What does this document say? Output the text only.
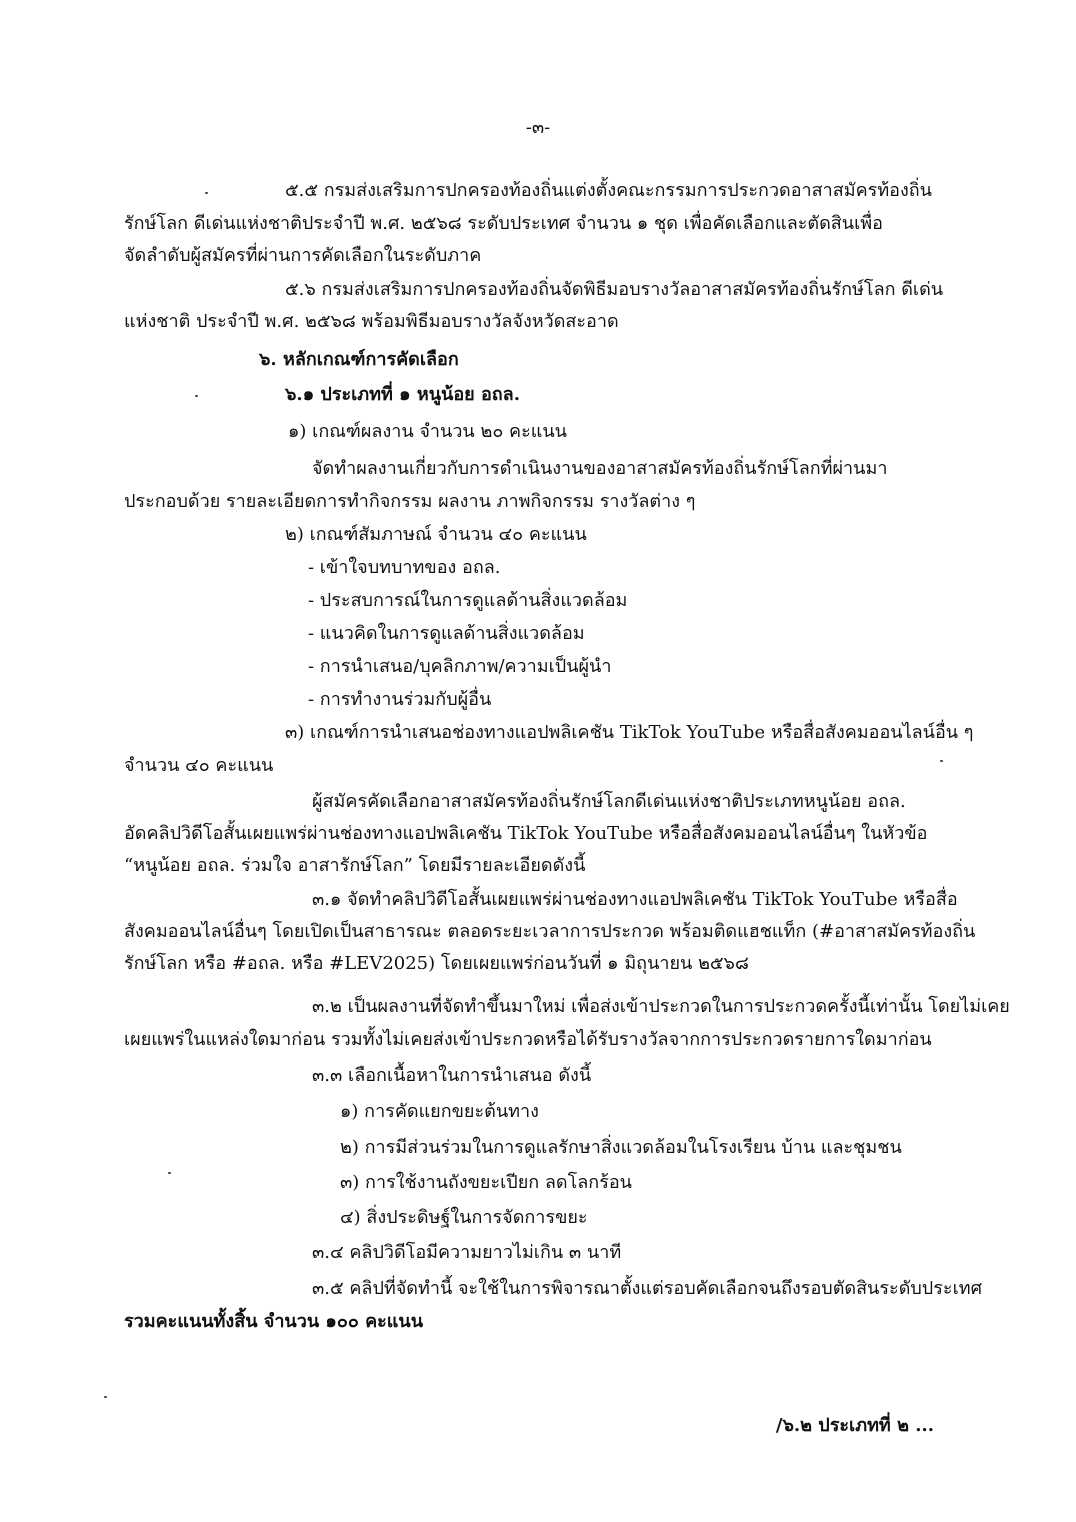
-๓-
๕.๕ กรมส่งเสริมการปกครองท้องถิ่นแต่งตั้งคณะกรรมการประกวดอาสาสมัครท้องถิ่น
รักษ์โลก ดีเด่นแห่งชาติประจำปี พ.ศ. ๒๕๖๘ ระดับประเทศ จำนวน ๑ ชุด เพื่อคัดเลือกและตัดสินเพื่อ
จัดลำดับผู้สมัครที่ผ่านการคัดเลือกในระดับภาค
๕.๖ กรมส่งเสริมการปกครองท้องถิ่นจัดพิธีมอบรางวัลอาสาสมัครท้องถิ่นรักษ์โลก ดีเด่น
แห่งชาติ ประจำปี พ.ศ. ๒๕๖๘ พร้อมพิธีมอบรางวัลจังหวัดสะอาด
๖. หลักเกณฑ์การคัดเลือก
๖.๑ ประเภทที่ ๑ หนูน้อย อถล.
๑) เกณฑ์ผลงาน จำนวน ๒๐ คะแนน
จัดทำผลงานเกี่ยวกับการดำเนินงานของอาสาสมัครท้องถิ่นรักษ์โลกที่ผ่านมา
ประกอบด้วย รายละเอียดการทำกิจกรรม ผลงาน ภาพกิจกรรม รางวัลต่าง ๆ
๒) เกณฑ์สัมภาษณ์ จำนวน ๔๐ คะแนน
- เข้าใจบทบาทของ อถล.
- ประสบการณ์ในการดูแลด้านสิ่งแวดล้อม
- แนวคิดในการดูแลด้านสิ่งแวดล้อม
- การนำเสนอ/บุคลิกภาพ/ความเป็นผู้นำ
- การทำงานร่วมกับผู้อื่น
๓) เกณฑ์การนำเสนอช่องทางแอปพลิเคชัน TikTok YouTube หรือสื่อสังคมออนไลน์อื่น ๆ
จำนวน ๔๐ คะแนน
ผู้สมัครคัดเลือกอาสาสมัครท้องถิ่นรักษ์โลกดีเด่นแห่งชาติประเภทหนูน้อย อถล.
อัดคลิปวิดีโอสั้นเผยแพร่ผ่านช่องทางแอปพลิเคชัน TikTok YouTube หรือสื่อสังคมออนไลน์อื่นๆ ในหัวข้อ
“หนูน้อย อถล. ร่วมใจ อาสารักษ์โลก” โดยมีรายละเอียดดังนี้
๓.๑ จัดทำคลิปวิดีโอสั้นเผยแพร่ผ่านช่องทางแอปพลิเคชัน TikTok YouTube หรือสื่อ
สังคมออนไลน์อื่นๆ โดยเปิดเป็นสาธารณะ ตลอดระยะเวลาการประกวด พร้อมติดแฮชแท็ก (#อาสาสมัครท้องถิ่น
รักษ์โลก หรือ #อถล. หรือ #LEV2025) โดยเผยแพร่ก่อนวันที่ ๑ มิถุนายน ๒๕๖๘
๓.๒ เป็นผลงานที่จัดทำขึ้นมาใหม่ เพื่อส่งเข้าประกวดในการประกวดครั้งนี้เท่านั้น โดยไม่เคย
เผยแพร่ในแหล่งใดมาก่อน รวมทั้งไม่เคยส่งเข้าประกวดหรือได้รับรางวัลจากการประกวดรายการใดมาก่อน
๓.๓ เลือกเนื้อหาในการนำเสนอ ดังนี้
๑) การคัดแยกขยะต้นทาง
๒) การมีส่วนร่วมในการดูแลรักษาสิ่งแวดล้อมในโรงเรียน บ้าน และชุมชน
๓) การใช้งานถังขยะเปียก ลดโลกร้อน
๔) สิ่งประดิษฐ์ในการจัดการขยะ
๓.๔ คลิปวิดีโอมีความยาวไม่เกิน ๓ นาที
๓.๕ คลิปที่จัดทำนี้ จะใช้ในการพิจารณาตั้งแต่รอบคัดเลือกจนถึงรอบตัดสินระดับประเทศ
รวมคะแนนทั้งสิ้น จำนวน ๑๐๐ คะแนน
/๖.๒ ประเภทที่ ๒ ...
